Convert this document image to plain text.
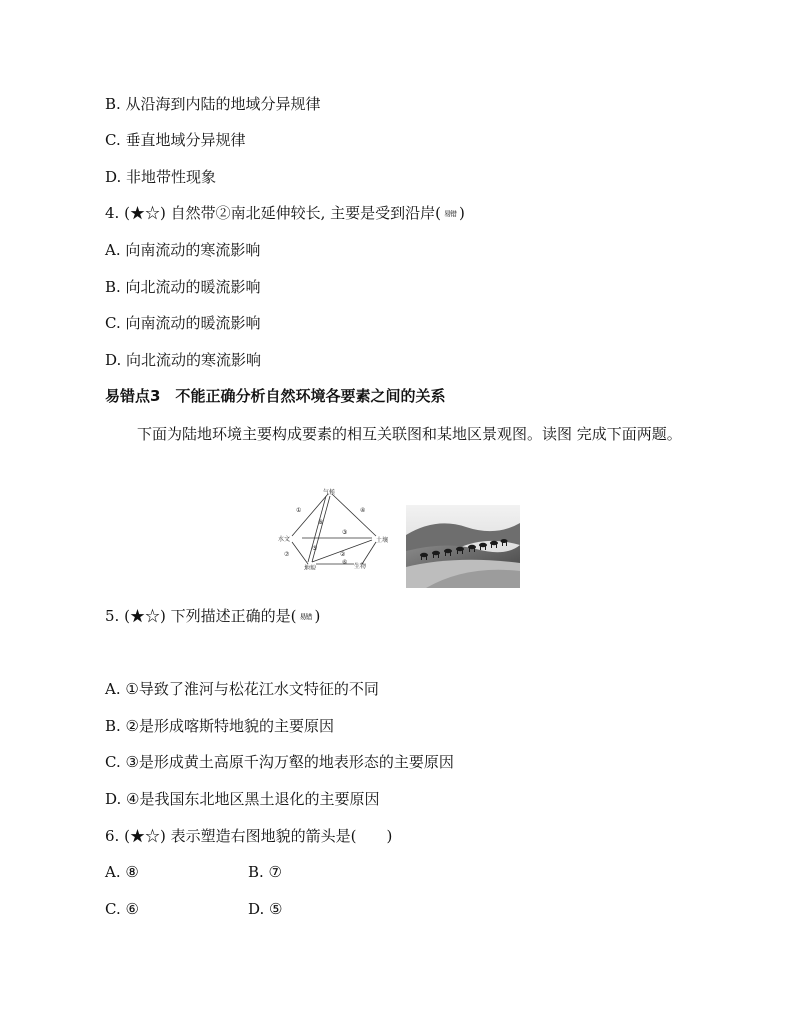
B. 从沿海到内陆的地域分异规律
C. 垂直地域分异规律
D. 非地带性现象
4. (★☆) 自然带②南北延伸较长, 主要是受到沿岸( 易错 )
A. 向南流动的寒流影响
B. 向北流动的暖流影响
C. 向南流动的暖流影响
D. 向北流动的寒流影响
易错点3　不能正确分析自然环境各要素之间的关系
下面为陆地环境主要构成要素的相互关联图和某地区景观图。读图 完成下面两题。
气候
水文	土壤
地貌	生物
①
②
③
④
⑤
⑥
⑦
⑧
5. (★☆) 下列描述正确的是( 易错 )
A. ①导致了淮河与松花江水文特征的不同
B. ②是形成喀斯特地貌的主要原因
C. ③是形成黄土高原千沟万壑的地表形态的主要原因
D. ④是我国东北地区黑土退化的主要原因
6. (★☆) 表示塑造右图地貌的箭头是(　　)
A. ⑧	B. ⑦
C. ⑥	D. ⑤
